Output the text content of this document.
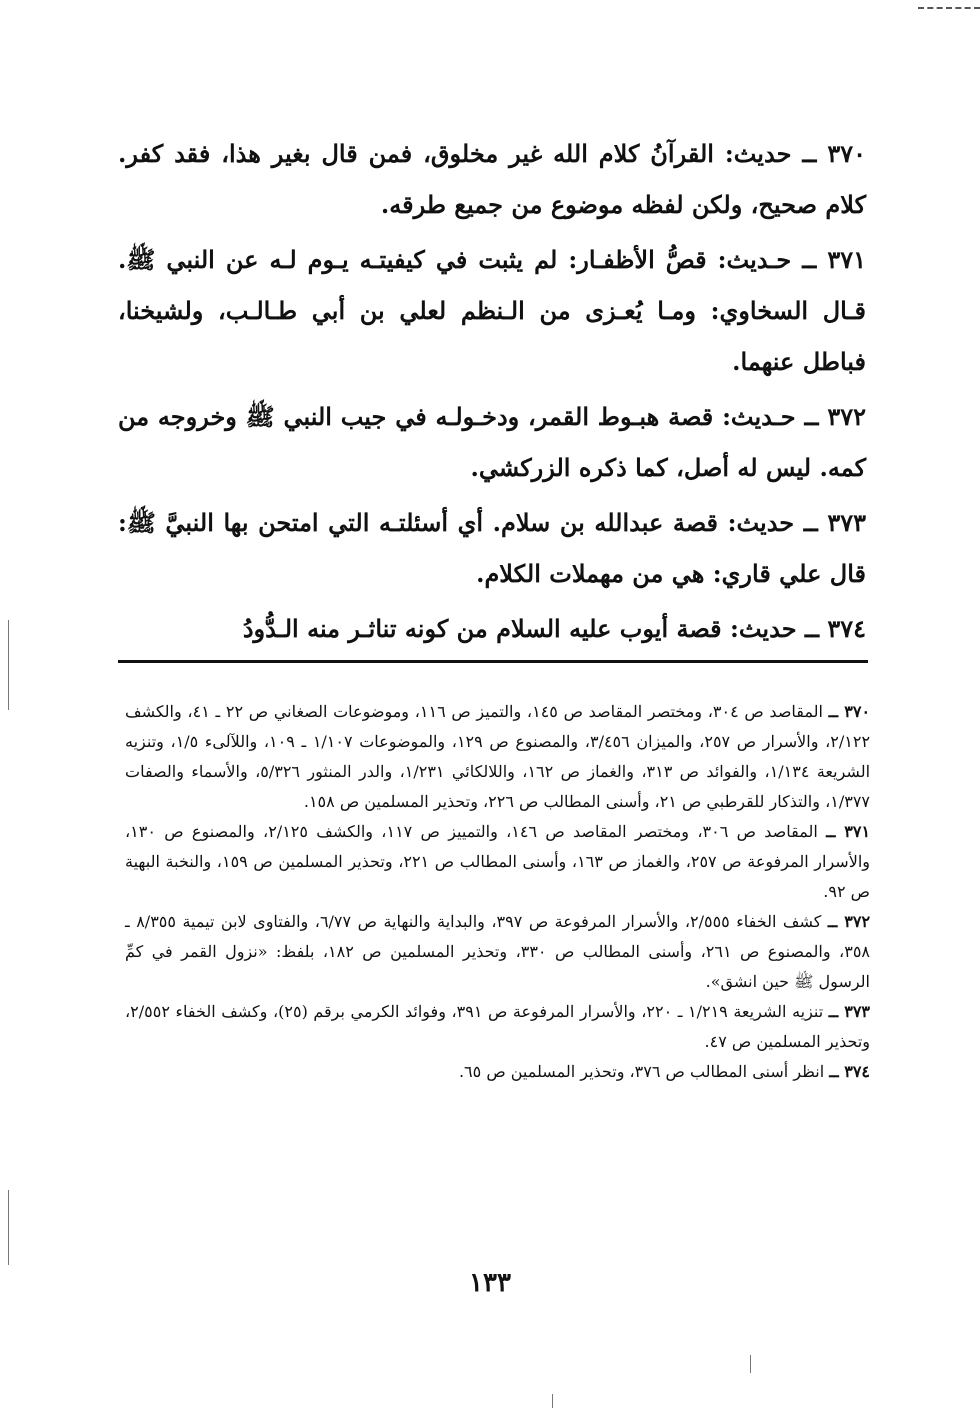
٣٧٠ ــ حديث: القرآنُ كلام الله غير مخلوق، فمن قال بغير هذا، فقد كفر. كلام صحيح، ولكن لفظه موضوع من جميع طرقه.

٣٧١ ــ حـديث: قصُّ الأظفـار: لم يثبت في كيفيتـه يـوم لـه عن النبي ﷺ. قـال السخاوي: ومـا يُعـزى من الـنظم لعلي بن أبي طـالـب، ولشيخنا، فباطل عنهما.

٣٧٢ ــ حـديث: قصة هبـوط القمر، ودخـولـه في جيب النبي ﷺ وخروجه من كمه. ليس له أصل، كما ذكره الزركشي.

٣٧٣ ــ حديث: قصة عبدالله بن سلام. أي أسئلتـه التي امتحن بها النبيَّ ﷺ: قال علي قاري: هي من مهملات الكلام.

٣٧٤ ــ حديث: قصة أيوب عليه السلام من كونه تناثـر منه الـدُّودُ

٣٧٠ ــ المقاصد ص ٣٠٤، ومختصر المقاصد ص ١٤٥، والتميز ص ١١٦، وموضوعات الصغاني ص ٢٢ ـ ٤١، والكشف ٢/١٢٢، والأسرار ص ٢٥٧، والميزان ٣/٤٥٦، والمصنوع ص ١٢٩، والموضوعات ١/١٠٧ ـ ١٠٩، واللآلىء ١/٥، وتنزيه الشريعة ١/١٣٤، والفوائد ص ٣١٣، والغماز ص ١٦٢، واللالكائي ١/٢٣١، والدر المنثور ٥/٣٢٦، والأسماء والصفات ١/٣٧٧، والتذكار للقرطبي ص ٢١، وأسنى المطالب ص ٢٢٦، وتحذير المسلمين ص ١٥٨.

٣٧١ ــ المقاصد ص ٣٠٦، ومختصر المقاصد ص ١٤٦، والتمييز ص ١١٧، والكشف ٢/١٢٥، والمصنوع ص ١٣٠، والأسرار المرفوعة ص ٢٥٧، والغماز ص ١٦٣، وأسنى المطالب ص ٢٢١، وتحذير المسلمين ص ١٥٩، والنخبة البهية ص ٩٢.

٣٧٢ ــ كشف الخفاء ٢/٥٥٥، والأسرار المرفوعة ص ٣٩٧، والبداية والنهاية ص ٦/٧٧، والفتاوى لابن تيمية ٨/٣٥٥ ـ ٣٥٨، والمصنوع ص ٢٦١، وأسنى المطالب ص ٣٣٠، وتحذير المسلمين ص ١٨٢، بلفظ: «نزول القمر في كمِّ الرسول ﷺ حين انشق».

٣٧٣ ــ تنزيه الشريعة ١/٢١٩ ـ ٢٢٠، والأسرار المرفوعة ص ٣٩١، وفوائد الكرمي برقم (٢٥)، وكشف الخفاء ٢/٥٥٢، وتحذير المسلمين ص ٤٧.

٣٧٤ ــ انظر أسنى المطالب ص ٣٧٦، وتحذير المسلمين ص ٦٥.

١٣٣
